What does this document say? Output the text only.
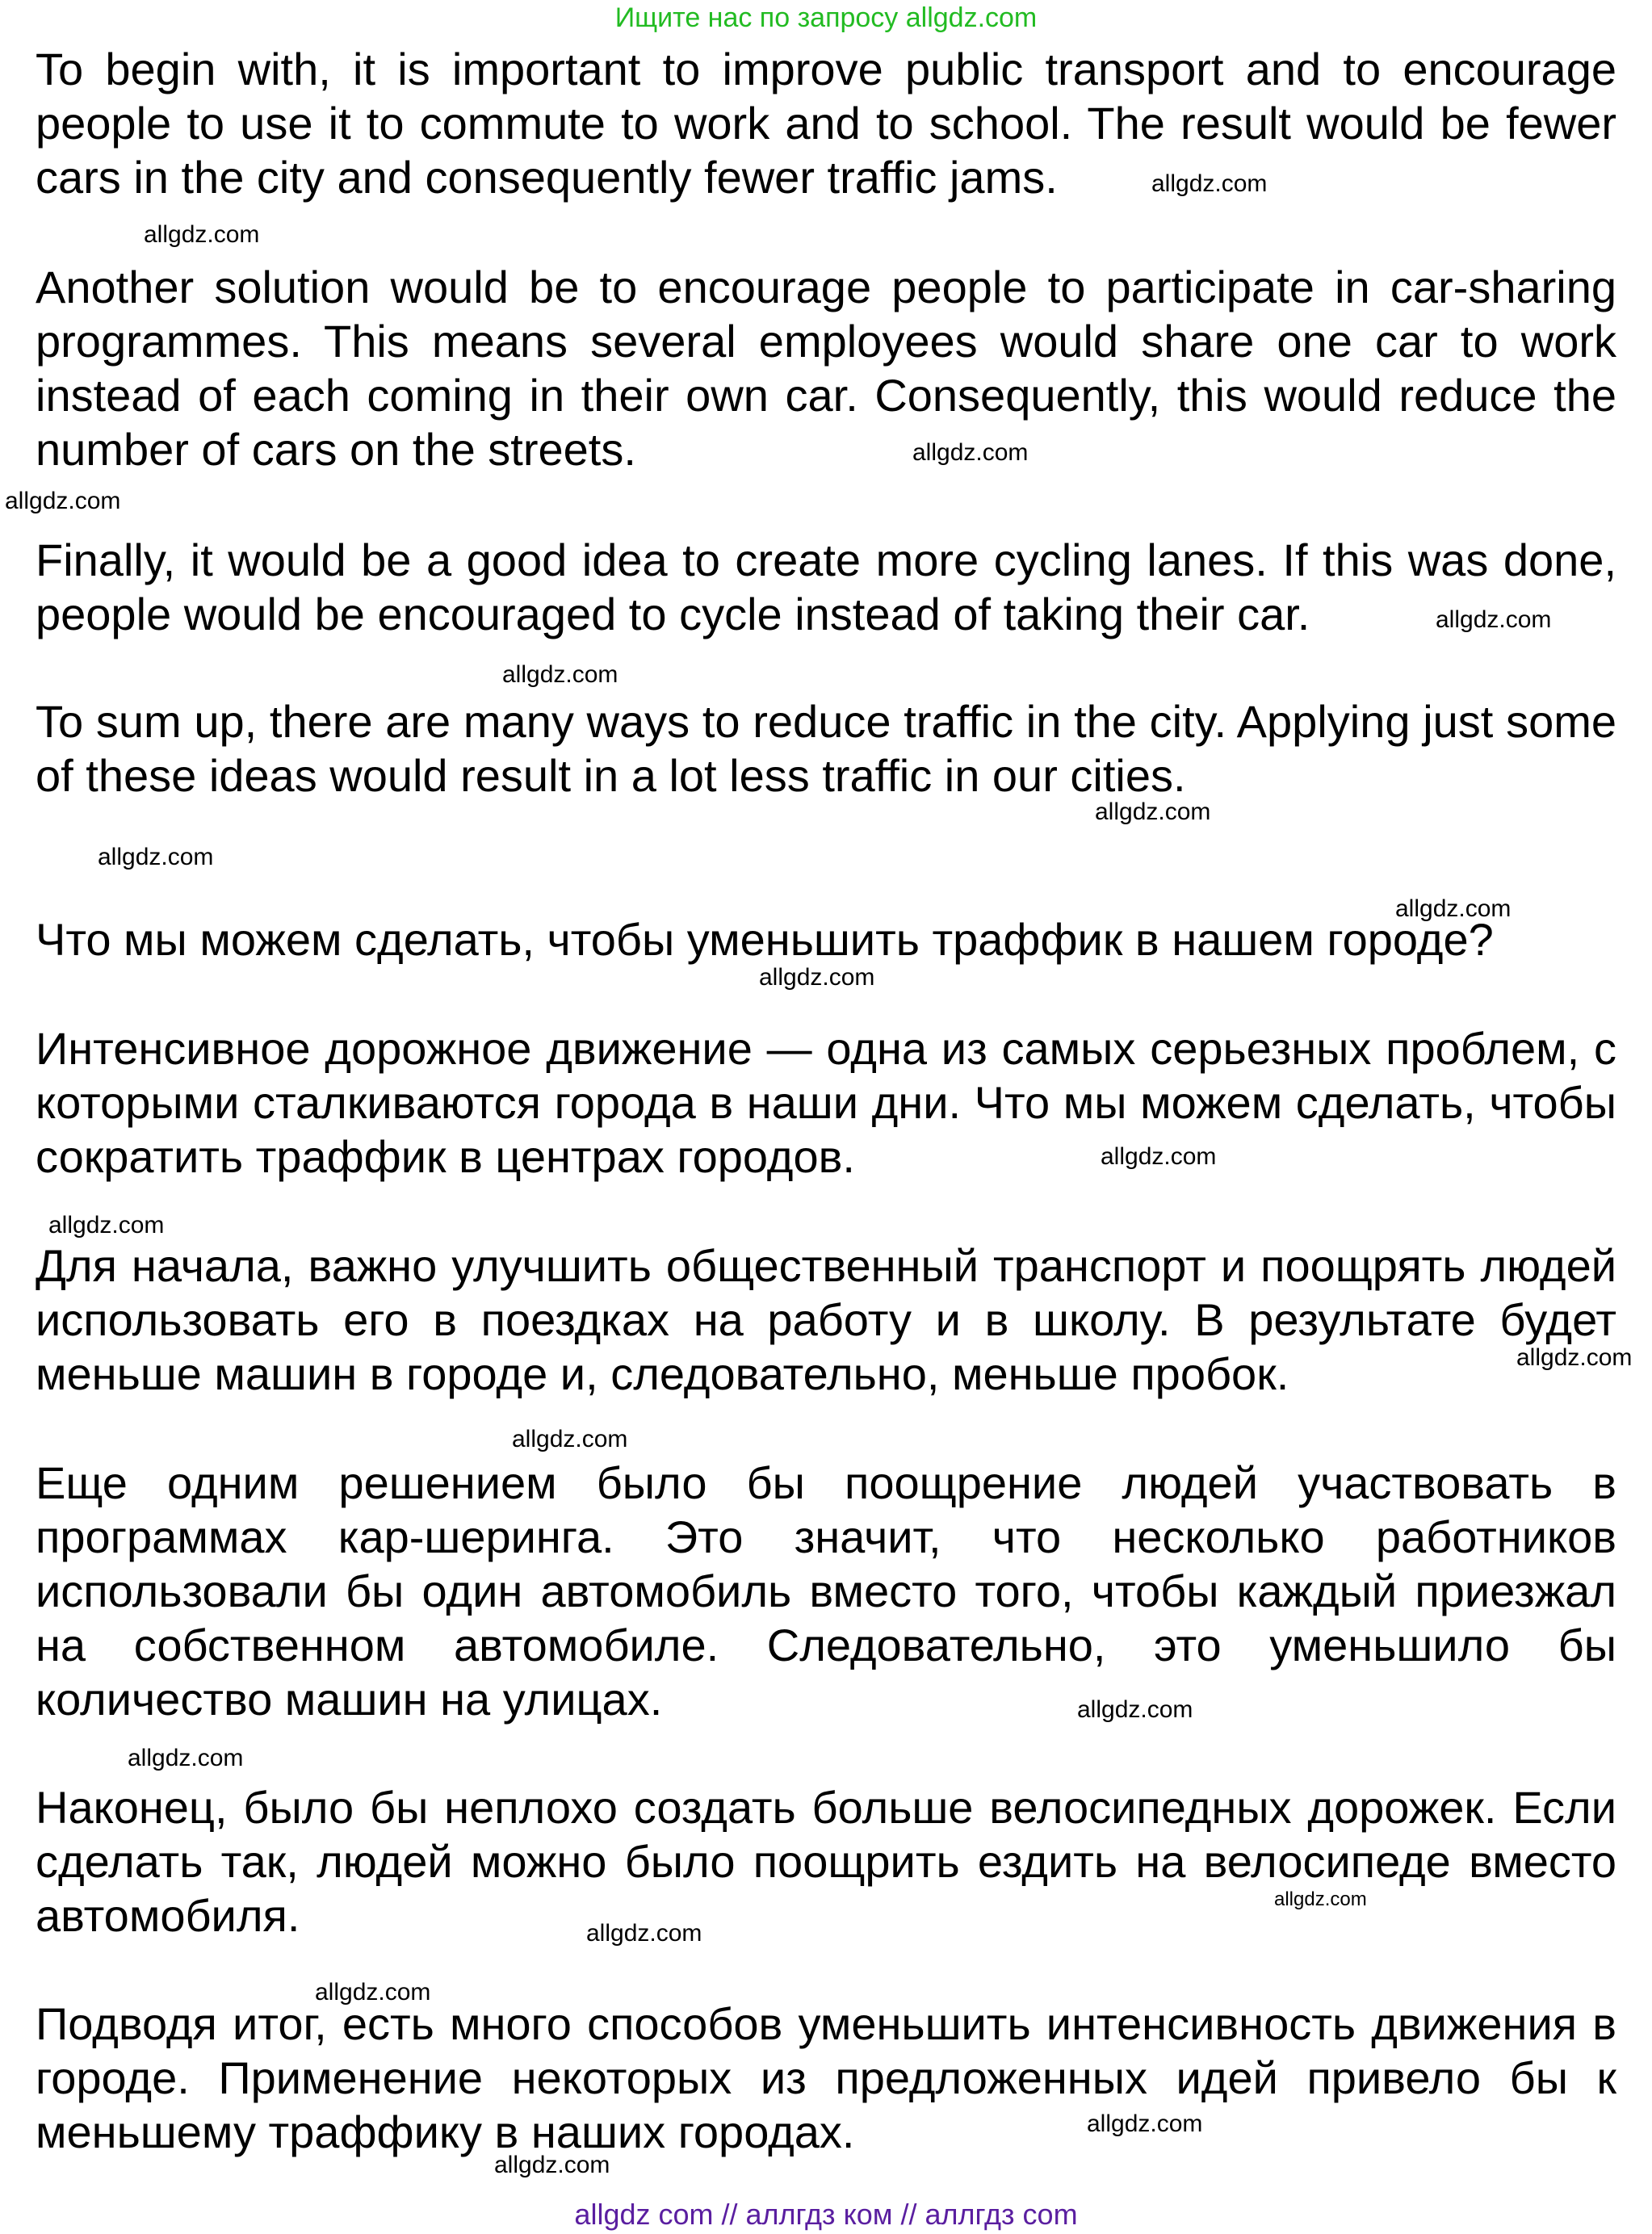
Ищите нас по запросу allgdz.com

To begin with, it is important to improve public transport and to encourage people to use it to commute to work and to school. The result would be fewer cars in the city and consequently fewer traffic jams.

Another solution would be to encourage people to participate in car-sharing programmes. This means several employees would share one car to work instead of each coming in their own car. Consequently, this would reduce the number of cars on the streets.

Finally, it would be a good idea to create more cycling lanes. If this was done, people would be encouraged to cycle instead of taking their car.

To sum up, there are many ways to reduce traffic in the city. Applying just some of these ideas would result in a lot less traffic in our cities.

Что мы можем сделать, чтобы уменьшить траффик в нашем городе?

Интенсивное дорожное движение — одна из самых серьезных проблем, с которыми сталкиваются города в наши дни. Что мы можем сделать, чтобы сократить траффик в центрах городов.

Для начала, важно улучшить общественный транспорт и поощрять людей использовать его в поездках на работу и в школу. В результате будет меньше машин в городе и, следовательно, меньше пробок.

Еще одним решением было бы поощрение людей участвовать в программах кар-шеринга. Это значит, что несколько работников использовали бы один автомобиль вместо того, чтобы каждый приезжал на собственном автомобиле. Следовательно, это уменьшило бы количество машин на улицах.

Наконец, было бы неплохо создать больше велосипедных дорожек. Если сделать так, людей можно было поощрить ездить на велосипеде вместо автомобиля.

Подводя итог, есть много способов уменьшить интенсивность движения в городе. Применение некоторых из предложенных идей привело бы к меньшему траффику в наших городах.

allgdz.com
allgdz.com
allgdz.com
allgdz.com
allgdz.com
allgdz.com
allgdz.com
allgdz.com
allgdz.com
allgdz.com
allgdz.com
allgdz.com
allgdz.com
allgdz.com
allgdz.com
allgdz.com
allgdz.com
allgdz.com
allgdz.com
allgdz.com
allgdz.com
allgdz com // аллгдз ком // аллгдз com
